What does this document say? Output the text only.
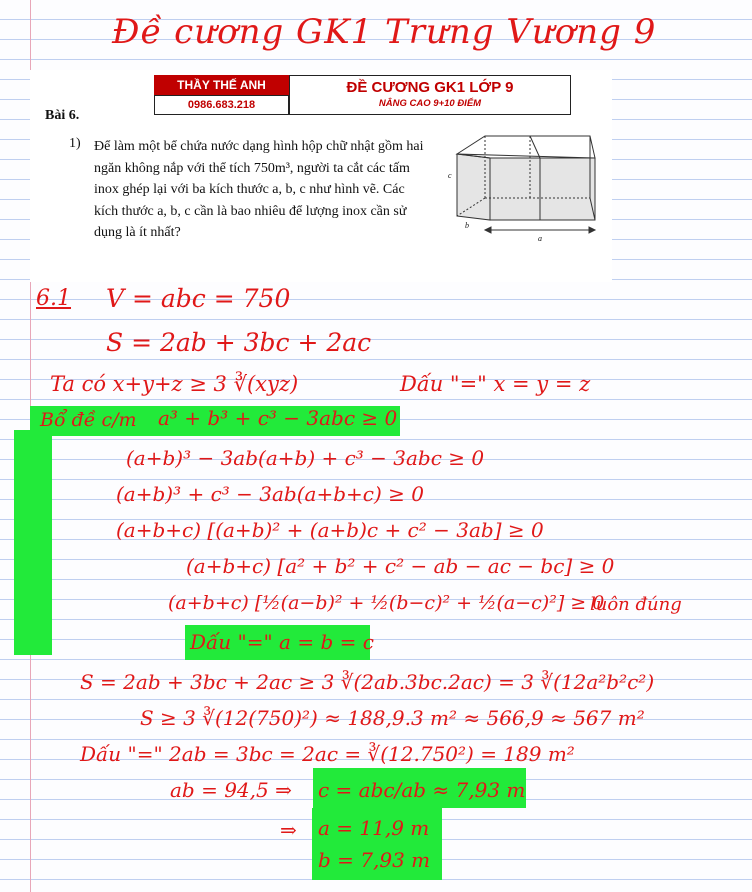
Đề cương GK1 Trưng Vương 9
THẦY THẾ ANH
0986.683.218
ĐỀ CƯƠNG GK1 LỚP 9
NÂNG CAO 9+10 ĐIỂM
Bài 6.
1) Để làm một bể chứa nước dạng hình hộp chữ nhật gồm hai ngăn không nắp với thể tích 750m³, người ta cắt các tấm inox ghép lại với ba kích thước a, b, c như hình vẽ. Các kích thước a, b, c cần là bao nhiêu để lượng inox cần sử dụng là ít nhất?
c
b
a
6.1 V = abc = 750
S = 2ab + 3bc + 2ac
Ta có x+y+z ≥ 3 ∛(xyz)	Dấu "=" x = y = z
Bổ đề c/m a³ + b³ + c³ − 3abc ≥ 0
(a+b)³ − 3ab(a+b) + c³ − 3abc ≥ 0
(a+b)³ + c³ − 3ab(a+b+c) ≥ 0
(a+b+c) [(a+b)² + (a+b)c + c² − 3ab] ≥ 0
(a+b+c) [a² + b² + c² − ab − ac − bc] ≥ 0
(a+b+c) [½(a−b)² + ½(b−c)² + ½(a−c)²] ≥ 0
luôn đúng
Dấu "=" a = b = c
S = 2ab + 3bc + 2ac ≥ 3 ∛(2ab.3bc.2ac) = 3 ∛(12a²b²c²)
S ≥ 3 ∛(12(750)²) ≈ 188,9.3 m² ≈ 566,9 ≈ 567 m²
Dấu "=" 2ab = 3bc = 2ac = ∛(12.750²) = 189 m²
ab = 94,5 ⇒ c = abc/ab ≈ 7,93 m
⇒ a = 11,9 m
b = 7,93 m
